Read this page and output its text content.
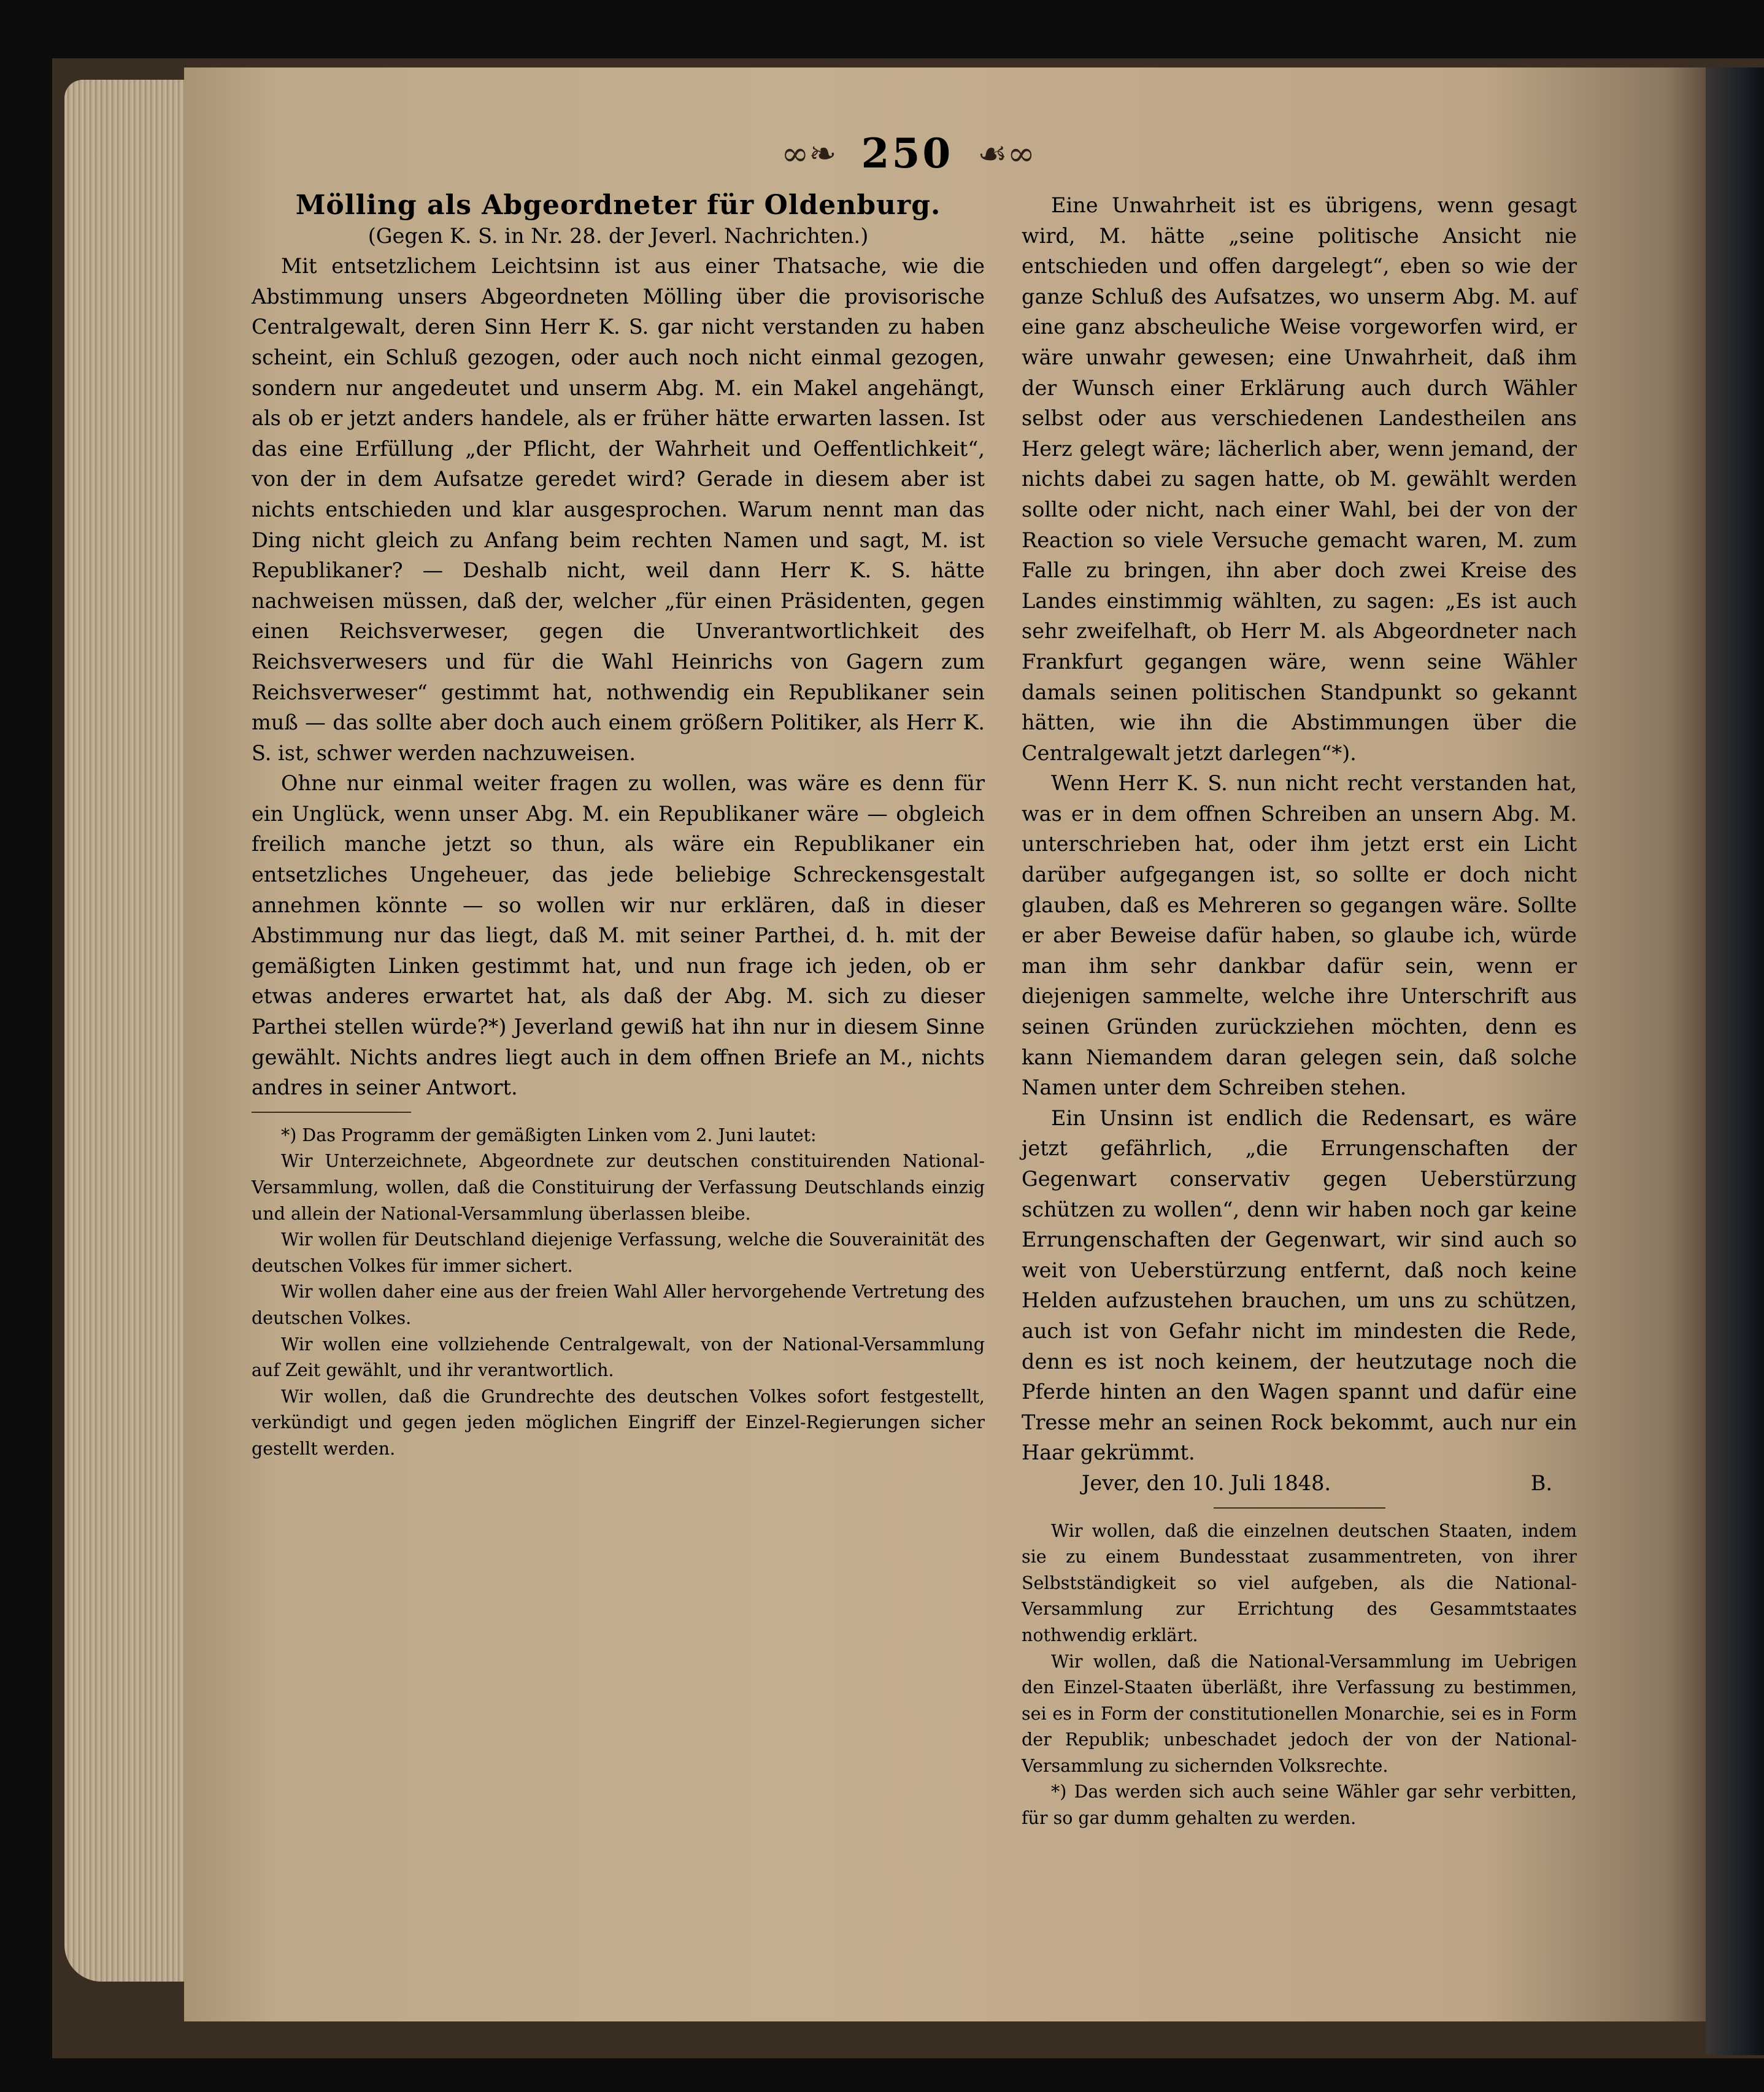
∞❧ 250 ☙∞

Mölling als Abgeordneter für Oldenburg.

(Gegen K. S. in Nr. 28. der Jeverl. Nachrichten.)

Mit entsetzlichem Leichtsinn ist aus einer Thatsache, wie die Abstimmung unsers Abgeordneten Mölling über die provisorische Centralgewalt, deren Sinn Herr K. S. gar nicht verstanden zu haben scheint, ein Schluß gezogen, oder auch noch nicht einmal gezogen, sondern nur angedeutet und unserm Abg. M. ein Makel angehängt, als ob er jetzt anders handele, als er früher hätte erwarten lassen. Ist das eine Erfüllung „der Pflicht, der Wahrheit und Oeffentlichkeit“, von der in dem Aufsatze geredet wird? Gerade in diesem aber ist nichts entschieden und klar ausgesprochen. Warum nennt man das Ding nicht gleich zu Anfang beim rechten Namen und sagt, M. ist Republikaner? — Deshalb nicht, weil dann Herr K. S. hätte nachweisen müssen, daß der, welcher „für einen Präsidenten, gegen einen Reichsverweser, gegen die Unverantwortlichkeit des Reichsverwesers und für die Wahl Heinrichs von Gagern zum Reichsverweser“ gestimmt hat, nothwendig ein Republikaner sein muß — das sollte aber doch auch einem größern Politiker, als Herr K. S. ist, schwer werden nachzuweisen.

Ohne nur einmal weiter fragen zu wollen, was wäre es denn für ein Unglück, wenn unser Abg. M. ein Republikaner wäre — obgleich freilich manche jetzt so thun, als wäre ein Republikaner ein entsetzliches Ungeheuer, das jede beliebige Schreckensgestalt annehmen könnte — so wollen wir nur erklären, daß in dieser Abstimmung nur das liegt, daß M. mit seiner Parthei, d. h. mit der gemäßigten Linken gestimmt hat, und nun frage ich jeden, ob er etwas anderes erwartet hat, als daß der Abg. M. sich zu dieser Parthei stellen würde?*) Jeverland gewiß hat ihn nur in diesem Sinne gewählt. Nichts andres liegt auch in dem offnen Briefe an M., nichts andres in seiner Antwort.

*) Das Programm der gemäßigten Linken vom 2. Juni lautet:

Wir Unterzeichnete, Abgeordnete zur deutschen constituirenden National-Versammlung, wollen, daß die Constituirung der Verfassung Deutschlands einzig und allein der National-Versammlung überlassen bleibe.

Wir wollen für Deutschland diejenige Verfassung, welche die Souverainität des deutschen Volkes für immer sichert.

Wir wollen daher eine aus der freien Wahl Aller hervorgehende Vertretung des deutschen Volkes.

Wir wollen eine vollziehende Centralgewalt, von der National-Versammlung auf Zeit gewählt, und ihr verantwortlich.

Wir wollen, daß die Grundrechte des deutschen Volkes sofort festgestellt, verkündigt und gegen jeden möglichen Eingriff der Einzel-Regierungen sicher gestellt werden.

Eine Unwahrheit ist es übrigens, wenn gesagt wird, M. hätte „seine politische Ansicht nie entschieden und offen dargelegt“, eben so wie der ganze Schluß des Aufsatzes, wo unserm Abg. M. auf eine ganz abscheuliche Weise vorgeworfen wird, er wäre unwahr gewesen; eine Unwahrheit, daß ihm der Wunsch einer Erklärung auch durch Wähler selbst oder aus verschiedenen Landestheilen ans Herz gelegt wäre; lächerlich aber, wenn jemand, der nichts dabei zu sagen hatte, ob M. gewählt werden sollte oder nicht, nach einer Wahl, bei der von der Reaction so viele Versuche gemacht waren, M. zum Falle zu bringen, ihn aber doch zwei Kreise des Landes einstimmig wählten, zu sagen: „Es ist auch sehr zweifelhaft, ob Herr M. als Abgeordneter nach Frankfurt gegangen wäre, wenn seine Wähler damals seinen politischen Standpunkt so gekannt hätten, wie ihn die Abstimmungen über die Centralgewalt jetzt darlegen“*).

Wenn Herr K. S. nun nicht recht verstanden hat, was er in dem offnen Schreiben an unsern Abg. M. unterschrieben hat, oder ihm jetzt erst ein Licht darüber aufgegangen ist, so sollte er doch nicht glauben, daß es Mehreren so gegangen wäre. Sollte er aber Beweise dafür haben, so glaube ich, würde man ihm sehr dankbar dafür sein, wenn er diejenigen sammelte, welche ihre Unterschrift aus seinen Gründen zurückziehen möchten, denn es kann Niemandem daran gelegen sein, daß solche Namen unter dem Schreiben stehen.

Ein Unsinn ist endlich die Redensart, es wäre jetzt gefährlich, „die Errungenschaften der Gegenwart conservativ gegen Ueberstürzung schützen zu wollen“, denn wir haben noch gar keine Errungenschaften der Gegenwart, wir sind auch so weit von Ueberstürzung entfernt, daß noch keine Helden aufzustehen brauchen, um uns zu schützen, auch ist von Gefahr nicht im mindesten die Rede, denn es ist noch keinem, der heutzutage noch die Pferde hinten an den Wagen spannt und dafür eine Tresse mehr an seinen Rock bekommt, auch nur ein Haar gekrümmt.

Jever, den 10. Juli 1848.	B.

Wir wollen, daß die einzelnen deutschen Staaten, indem sie zu einem Bundesstaat zusammentreten, von ihrer Selbstständigkeit so viel aufgeben, als die National-Versammlung zur Errichtung des Gesammtstaates nothwendig erklärt.

Wir wollen, daß die National-Versammlung im Uebrigen den Einzel-Staaten überläßt, ihre Verfassung zu bestimmen, sei es in Form der constitutionellen Monarchie, sei es in Form der Republik; unbeschadet jedoch der von der National-Versammlung zu sichernden Volksrechte.

*) Das werden sich auch seine Wähler gar sehr verbitten, für so gar dumm gehalten zu werden.
